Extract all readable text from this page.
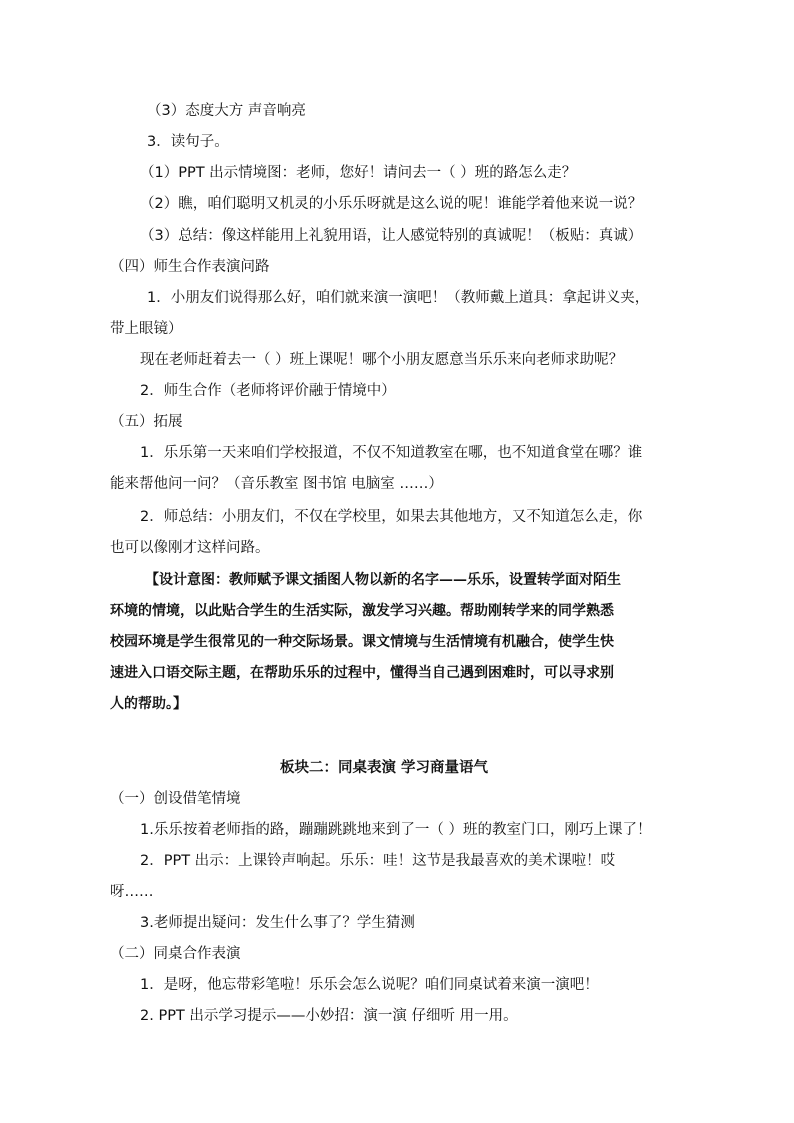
（3）态度大方 声音响亮
3．读句子。
（1）PPT 出示情境图：老师，您好！请问去一（ ）班的路怎么走？
（2）瞧，咱们聪明又机灵的小乐乐呀就是这么说的呢！谁能学着他来说一说？
（3）总结：像这样能用上礼貌用语，让人感觉特别的真诚呢！（板贴：真诚）
（四）师生合作表演问路
1．小朋友们说得那么好，咱们就来演一演吧！（教师戴上道具：拿起讲义夹，
带上眼镜）
现在老师赶着去一（ ）班上课呢！哪个小朋友愿意当乐乐来向老师求助呢？
2．师生合作（老师将评价融于情境中）
（五）拓展
1．乐乐第一天来咱们学校报道，不仅不知道教室在哪，也不知道食堂在哪？谁
能来帮他问一问？（音乐教室 图书馆 电脑室 ……）
2．师总结：小朋友们，不仅在学校里，如果去其他地方，又不知道怎么走，你
也可以像刚才这样问路。
【设计意图：教师赋予课文插图人物以新的名字——乐乐，设置转学面对陌生
环境的情境，以此贴合学生的生活实际，激发学习兴趣。帮助刚转学来的同学熟悉
校园环境是学生很常见的一种交际场景。课文情境与生活情境有机融合，使学生快
速进入口语交际主题，在帮助乐乐的过程中，懂得当自己遇到困难时，可以寻求别
人的帮助。】
板块二：同桌表演 学习商量语气
（一）创设借笔情境
1.乐乐按着老师指的路，蹦蹦跳跳地来到了一（ ）班的教室门口，刚巧上课了！
2．PPT 出示：上课铃声响起。乐乐：哇！这节是我最喜欢的美术课啦！哎
呀……
3.老师提出疑问：发生什么事了？学生猜测
（二）同桌合作表演
1．是呀，他忘带彩笔啦！乐乐会怎么说呢？咱们同桌试着来演一演吧！
2. PPT 出示学习提示——小妙招：演一演 仔细听 用一用。
